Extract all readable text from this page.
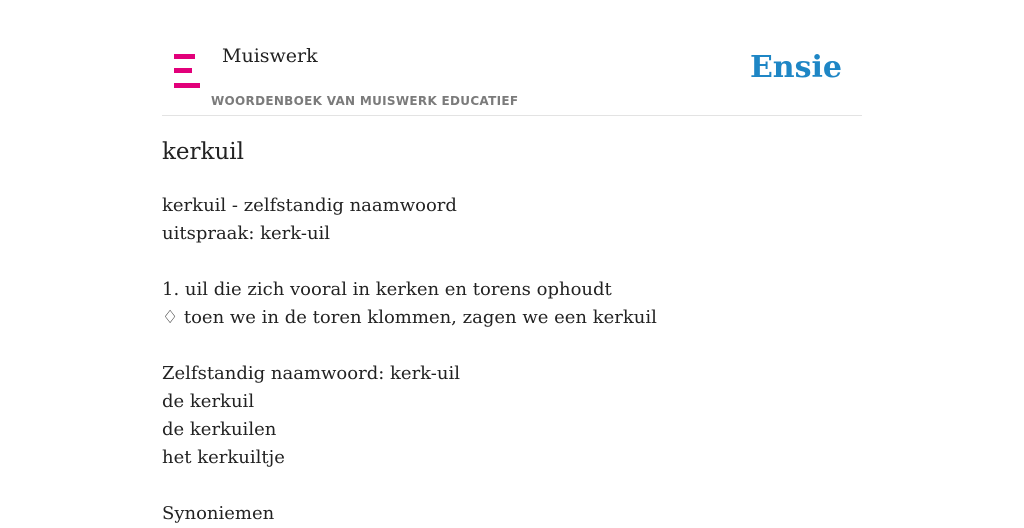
Muiswerk
WOORDENBOEK VAN MUISWERK EDUCATIEF
Ensie
kerkuil
kerkuil - zelfstandig naamwoord
uitspraak: kerk-uil
1. uil die zich vooral in kerken en torens ophoudt
♢ toen we in de toren klommen, zagen we een kerkuil
Zelfstandig naamwoord: kerk-uil
de kerkuil
de kerkuilen
het kerkuiltje
Synoniemen
